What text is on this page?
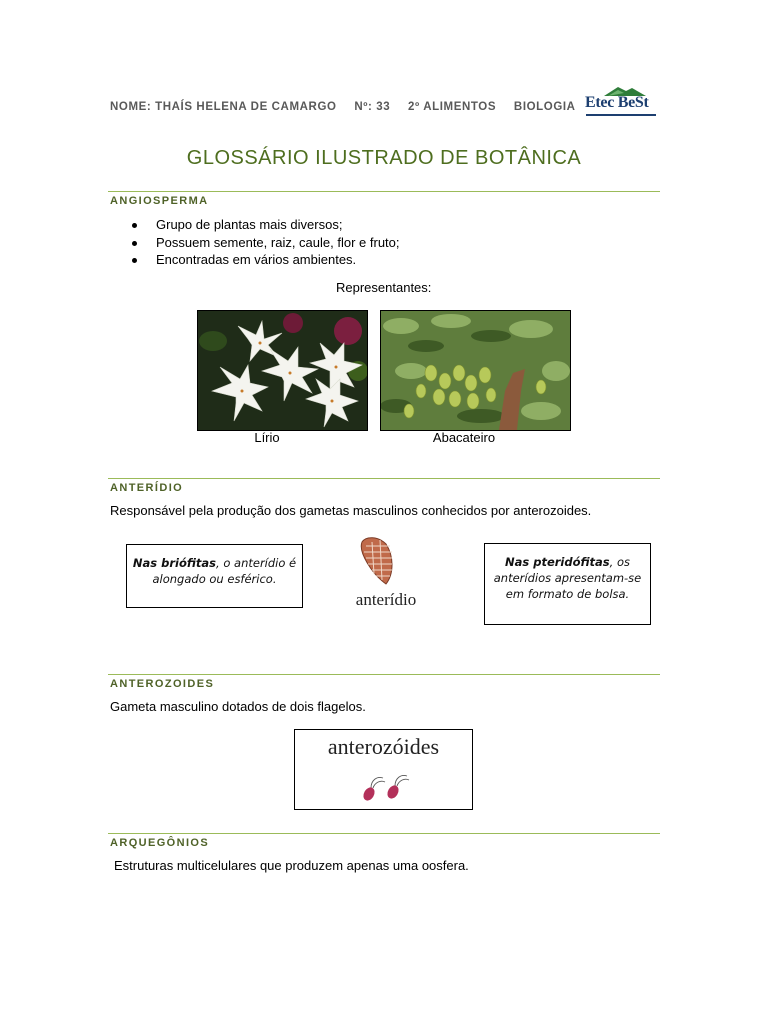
NOME: THAÍS HELENA DE CAMARGO Nº: 33 2º ALIMENTOS BIOLOGIA Etec BeSt
GLOSSÁRIO ILUSTRADO DE BOTÂNICA
ANGIOSPERMA
Grupo de plantas mais diversos;
Possuem semente, raiz, caule, flor e fruto;
Encontradas em vários ambientes.
Representantes:
Lírio	Abacateiro
ANTERÍDIO
Responsável pela produção dos gametas masculinos conhecidos por anterozoides.
Nas briófitas, o anterídio é alongado ou esférico.
anterídio
Nas pteridófitas, os anterídios apresentam-se em formato de bolsa.
ANTEROZOIDES
Gameta masculino dotados de dois flagelos.
anterozóides
ARQUEGÔNIOS
Estruturas multicelulares que produzem apenas uma oosfera.
